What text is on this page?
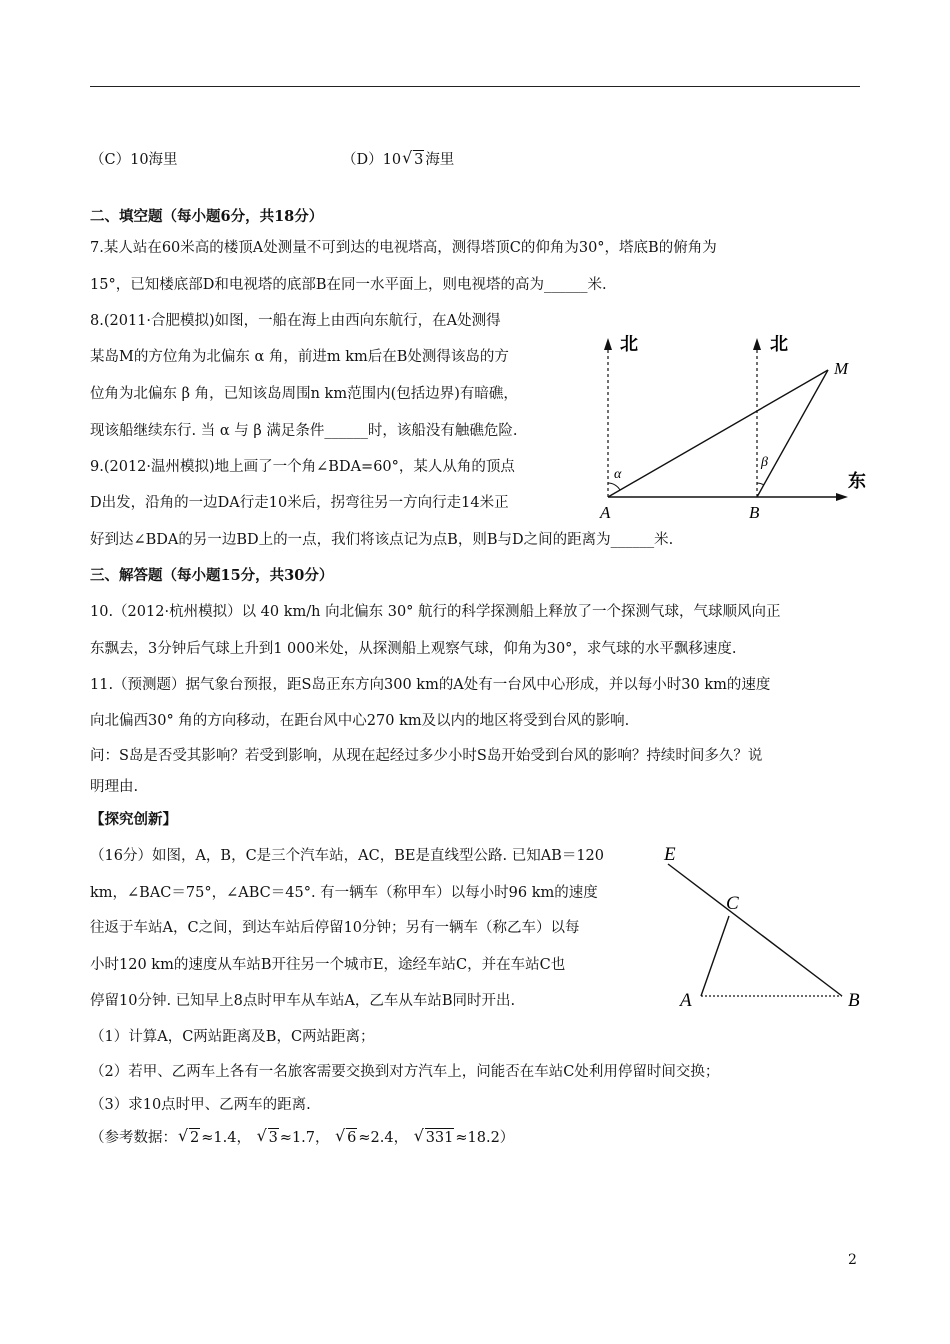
（C）10海里	（D）10 √ 3 海里
二、填空题（每小题6分，共18分）
7.某人站在60米高的楼顶A处测量不可到达的电视塔高，测得塔顶C的仰角为30°，塔底B的俯角为
15°，已知楼底部D和电视塔的底部B在同一水平面上，则电视塔的高为______米.
8.(2011·合肥模拟)如图，一船在海上由西向东航行，在A处测得
某岛M的方位角为北偏东 α 角，前进m km后在B处测得该岛的方
位角为北偏东 β 角，已知该岛周围n km范围内(包括边界)有暗礁，
现该船继续东行. 当 α 与 β 满足条件______时，该船没有触礁危险.
9.(2012·温州模拟)地上画了一个角∠BDA=60°，某人从角的顶点
D出发，沿角的一边DA行走10米后，拐弯往另一方向行走14米正
好到达∠BDA的另一边BD上的一点，我们将该点记为点B，则B与D之间的距离为______米.
北	北
东
M
A	B
α
β
三、解答题（每小题15分，共30分）
10.（2012·杭州模拟）以 40 km/h 向北偏东 30° 航行的科学探测船上释放了一个探测气球，气球顺风向正
东飘去，3分钟后气球上升到1 000米处，从探测船上观察气球，仰角为30°，求气球的水平飘移速度.
11.（预测题）据气象台预报，距S岛正东方向300 km的A处有一台风中心形成，并以每小时30 km的速度
向北偏西30° 角的方向移动，在距台风中心270 km及以内的地区将受到台风的影响.
问：S岛是否受其影响？若受到影响，从现在起经过多少小时S岛开始受到台风的影响？持续时间多久？说
明理由.
【探究创新】
（16分）如图，A，B，C是三个汽车站，AC，BE是直线型公路. 已知AB＝120
km，∠BAC＝75°，∠ABC＝45°. 有一辆车（称甲车）以每小时96 km的速度
往返于车站A，C之间，到达车站后停留10分钟；另有一辆车（称乙车）以每
小时120 km的速度从车站B开往另一个城市E，途经车站C，并在车站C也
停留10分钟. 已知早上8点时甲车从车站A，乙车从车站B同时开出.
E
C
A	B
（1）计算A，C两站距离及B，C两站距离；
（2）若甲、乙两车上各有一名旅客需要交换到对方汽车上，问能否在车站C处利用停留时间交换；
（3）求10点时甲、乙两车的距离.
（参考数据： √ 2 ≈1.4， √ 3 ≈1.7， √ 6 ≈2.4， √ 331 ≈18.2）
2
